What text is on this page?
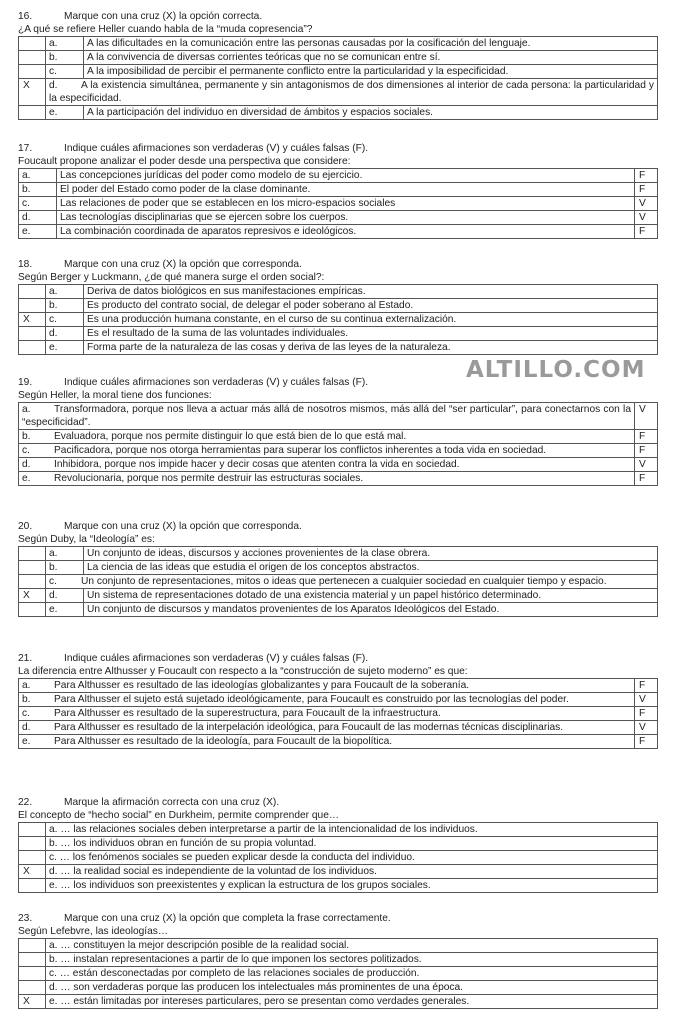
ALTILLO.COM
16.	Marque con una cruz (X) la opción correcta.
¿A qué se refiere Heller cuando habla de la “muda copresencia”?
	a.	A las dificultades en la comunicación entre las personas causadas por la cosificación del lenguaje.
	b.	A la convivencia de diversas corrientes teóricas que no se comunican entre sí.
	c.	A la imposibilidad de percibir el permanente conflicto entre la particularidad y la especificidad.
X	d. A la existencia simultánea, permanente y sin antagonismos de dos dimensiones al interior de cada persona: la particularidad y la especificidad.	
	e.	A la participación del individuo en diversidad de ámbitos y espacios sociales.
17.	Indique cuáles afirmaciones son verdaderas (V) y cuáles falsas (F).
Foucault propone analizar el poder desde una perspectiva que considere:
a.	Las concepciones jurídicas del poder como modelo de su ejercicio.	F
b.	El poder del Estado como poder de la clase dominante.	F
c.	Las relaciones de poder que se establecen en los micro-espacios sociales	V
d.	Las tecnologías disciplinarias que se ejercen sobre los cuerpos.	V
e.	La combinación coordinada de aparatos represivos e ideológicos.	F
18.	Marque con una cruz (X) la opción que corresponda.
Según Berger y Luckmann, ¿de qué manera surge el orden social?:
	a.	Deriva de datos biológicos en sus manifestaciones empíricas.
	b.	Es producto del contrato social, de delegar el poder soberano al Estado.
X	c.	Es una producción humana constante, en el curso de su continua externalización.
	d.	Es el resultado de la suma de las voluntades individuales.
	e.	Forma parte de la naturaleza de las cosas y deriva de las leyes de la naturaleza.
19.	Indique cuáles afirmaciones son verdaderas (V) y cuáles falsas (F).
Según Heller, la moral tiene dos funciones:
a. Transformadora, porque nos lleva a actuar más allá de nosotros mismos, más allá del “ser particular”, para conectarnos con la “especificidad”.	V
b. Evaluadora, porque nos permite distinguir lo que está bien de lo que está mal.	F
c. Pacificadora, porque nos otorga herramientas para superar los conflictos inherentes a toda vida en sociedad.	F
d. Inhibidora, porque nos impide hacer y decir cosas que atenten contra la vida en sociedad.	V
e. Revolucionaria, porque nos permite destruir las estructuras sociales.	F
20.	Marque con una cruz (X) la opción que corresponda.
Según Duby, la “Ideología” es:
	a.	Un conjunto de ideas, discursos y acciones provenientes de la clase obrera.
	b.	La ciencia de las ideas que estudia el origen de los conceptos abstractos.
	c. Un conjunto de representaciones, mitos o ideas que pertenecen a cualquier sociedad en cualquier tiempo y espacio.	
X	d.	Un sistema de representaciones dotado de una existencia material y un papel histórico determinado.
	e.	Un conjunto de discursos y mandatos provenientes de los Aparatos Ideológicos del Estado.
21.	Indique cuáles afirmaciones son verdaderas (V) y cuáles falsas (F).
La diferencia entre Althusser y Foucault con respecto a la “construcción de sujeto moderno” es que:
a. Para Althusser es resultado de las ideologías globalizantes y para Foucault de la soberanía.	F
b. Para Althusser el sujeto está sujetado ideológicamente, para Foucault es construido por las tecnologías del poder.	V
c. Para Althusser es resultado de la superestructura, para Foucault de la infraestructura.	F
d. Para Althusser es resultado de la interpelación ideológica, para Foucault de las modernas técnicas disciplinarias.	V
e. Para Althusser es resultado de la ideología, para Foucault de la biopolítica.	F
22.	Marque la afirmación correcta con una cruz (X).
El concepto de “hecho social” en Durkheim, permite comprender que…
	a. … las relaciones sociales deben interpretarse a partir de la intencionalidad de los individuos.
	b. … los individuos obran en función de su propia voluntad.
	c. … los fenómenos sociales se pueden explicar desde la conducta del individuo.
X	d. … la realidad social es independiente de la voluntad de los individuos.
	e. … los individuos son preexistentes y explican la estructura de los grupos sociales.
23.	Marque con una cruz (X) la opción que completa la frase correctamente.
Según Lefebvre, las ideologías…
	a. … constituyen la mejor descripción posible de la realidad social.
	b. … instalan representaciones a partir de lo que imponen los sectores politizados.
	c. … están desconectadas por completo de las relaciones sociales de producción.
	d. … son verdaderas porque las producen los intelectuales más prominentes de una época.
X	e. … están limitadas por intereses particulares, pero se presentan como verdades generales.
